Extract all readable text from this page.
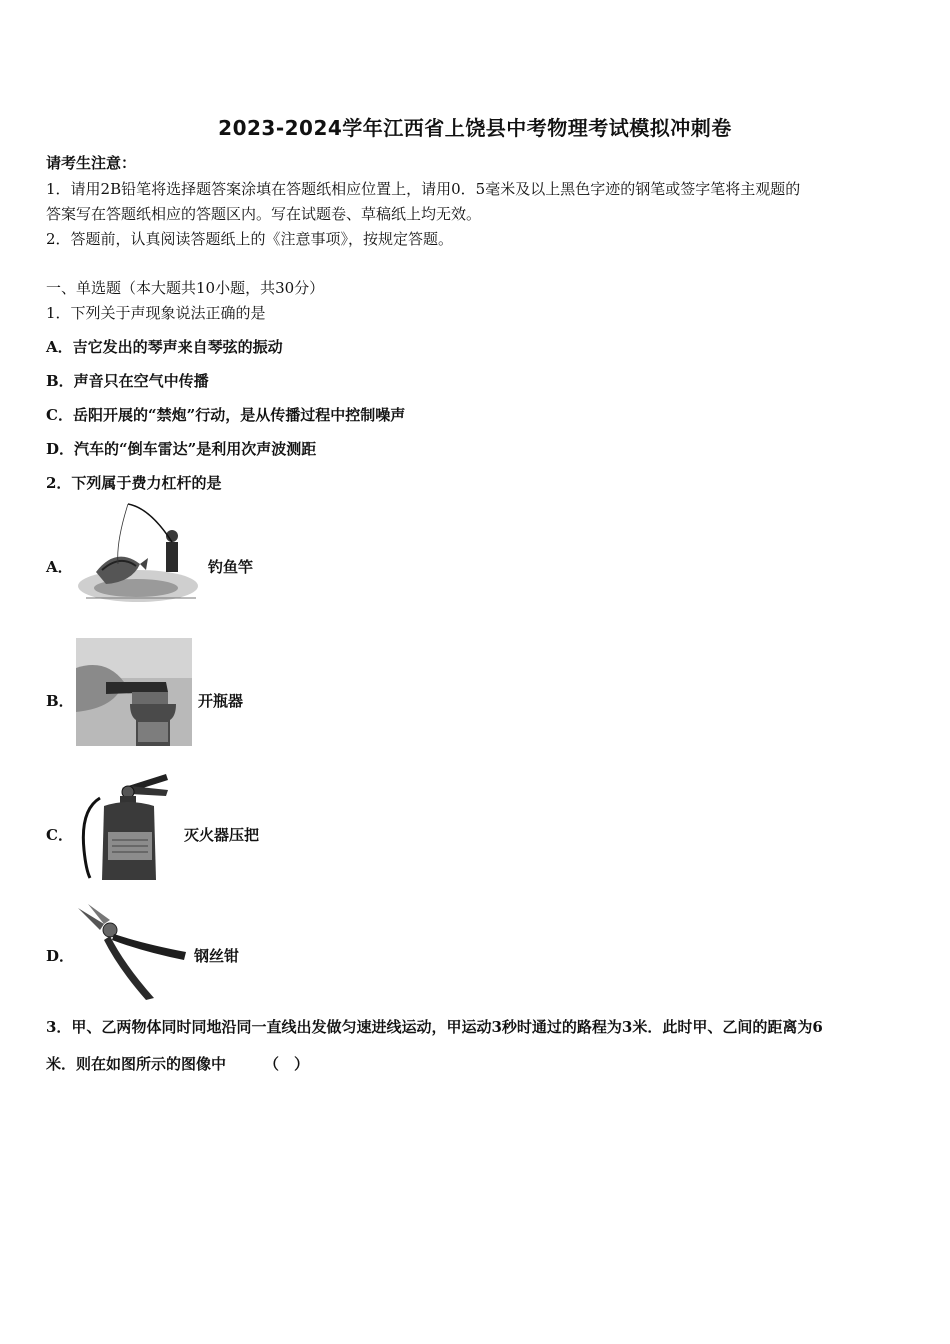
2023-2024学年江西省上饶县中考物理考试模拟冲刺卷
请考生注意：
1．请用2B铅笔将选择题答案涂填在答题纸相应位置上，请用0．5毫米及以上黑色字迹的钢笔或签字笔将主观题的
答案写在答题纸相应的答题区内。写在试题卷、草稿纸上均无效。
2．答题前，认真阅读答题纸上的《注意事项》，按规定答题。
一、单选题（本大题共10小题，共30分）
1．下列关于声现象说法正确的是
A．吉它发出的琴声来自琴弦的振动
B．声音只在空气中传播
C．岳阳开展的“禁炮”行动，是从传播过程中控制噪声
D．汽车的“倒车雷达”是利用次声波测距
2．下列属于费力杠杆的是
A．	钓鱼竿
B．	开瓶器
C．	灭火器压把
D．	钢丝钳
3．甲、乙两物体同时同地沿同一直线出发做匀速进线运动，甲运动3秒时通过的路程为3米．此时甲、乙间的距离为6
米．则在如图所示的图像中	（　）
